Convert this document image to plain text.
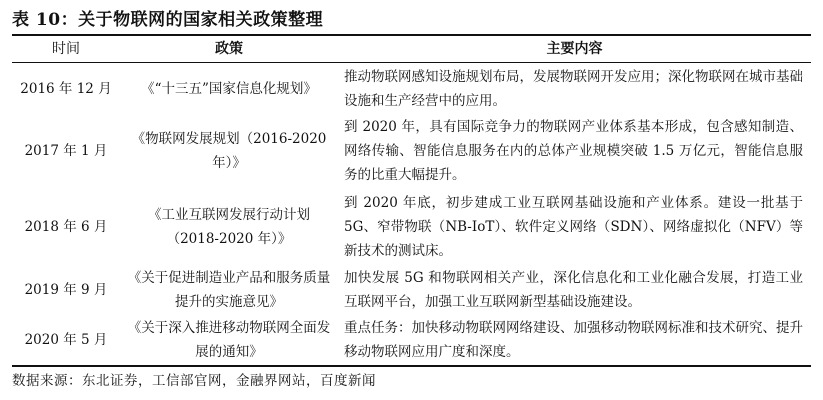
表 10：关于物联网的国家相关政策整理
时间	政策	主要内容
2016 年 12 月 《“十三五”国家信息化规划》
推动物联网感知设施规划布局，发展物联网开发应用；深化物联网在城市基础设施和生产经营中的应用。
2017 年 1 月
《物联网发展规划（2016-2020 年）》
到 2020 年，具有国际竞争力的物联网产业体系基本形成，包含感知制造、网络传输、智能信息服务在内的总体产业规模突破 1.5 万亿元，智能信息服务的比重大幅提升。
2018 年 6 月
《工业互联网发展行动计划（2018-2020 年）》
到 2020 年底，初步建成工业互联网基础设施和产业体系。建设一批基于 5G、窄带物联（NB-IoT）、软件定义网络（SDN）、网络虚拟化（NFV）等新技术的测试床。
2019 年 9 月
《关于促进制造业产品和服务质量提升的实施意见》
加快发展 5G 和物联网相关产业，深化信息化和工业化融合发展，打造工业互联网平台，加强工业互联网新型基础设施建设。
2020 年 5 月
《关于深入推进移动物联网全面发展的通知》
重点任务：加快移动物联网网络建设、加强移动物联网标准和技术研究、提升移动物联网应用广度和深度。
数据来源：东北证券，工信部官网，金融界网站，百度新闻
